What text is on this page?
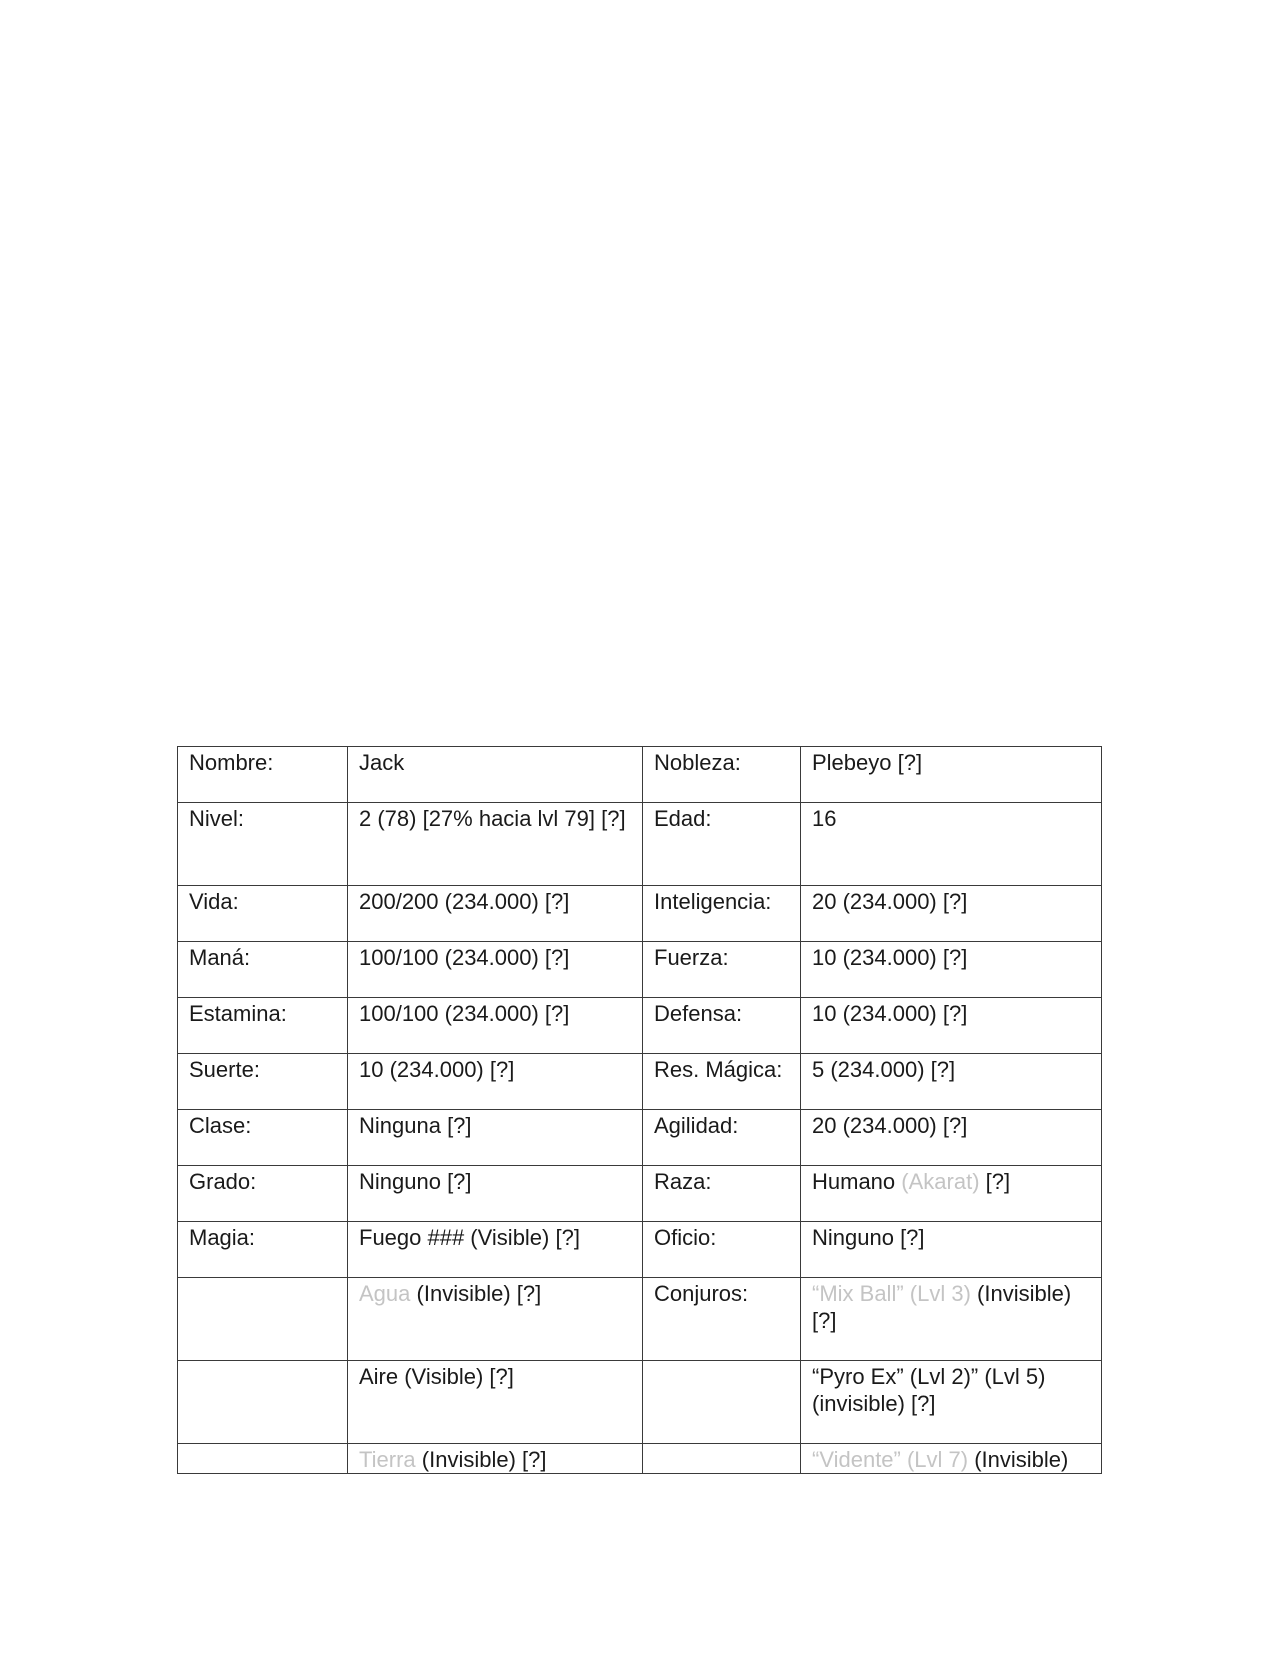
Nombre:	Jack	Nobleza:	Plebeyo [?]
Nivel:	2 (78) [27% hacia lvl 79] [?]	Edad:	16
Vida:	200/200 (234.000) [?]	Inteligencia:	20 (234.000) [?]
Maná:	100/100 (234.000) [?]	Fuerza:	10 (234.000) [?]
Estamina:	100/100 (234.000) [?]	Defensa:	10 (234.000) [?]
Suerte:	10 (234.000) [?]	Res. Mágica:	5 (234.000) [?]
Clase:	Ninguna [?]	Agilidad:	20 (234.000) [?]
Grado:	Ninguno [?]	Raza:	Humano (Akarat) [?]
Magia:	Fuego ### (Visible) [?]	Oficio:	Ninguno [?]
	Agua (Invisible) [?]	Conjuros:	“Mix Ball” (Lvl 3) (Invisible) [?]
	Aire (Visible) [?]		“Pyro Ex” (Lvl 2)” (Lvl 5) (invisible) [?]
	Tierra (Invisible) [?]		“Vidente” (Lvl 7) (Invisible)
